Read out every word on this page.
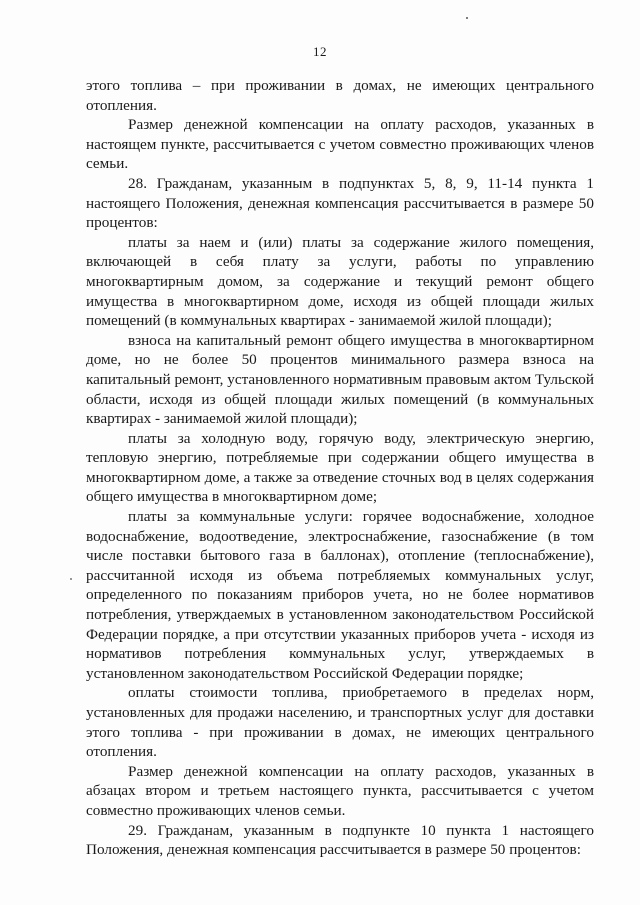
12

этого топлива – при проживании в домах, не имеющих центрального отопления.

Размер денежной компенсации на оплату расходов, указанных в настоящем пункте, рассчитывается с учетом совместно проживающих членов семьи.

28. Гражданам, указанным в подпунктах 5, 8, 9, 11-14 пункта 1 настоящего Положения, денежная компенсация рассчитывается в размере 50 процентов:

платы за наем и (или) платы за содержание жилого помещения, включающей в себя плату за услуги, работы по управлению многоквартирным домом, за содержание и текущий ремонт общего имущества в многоквартирном доме, исходя из общей площади жилых помещений (в коммунальных квартирах - занимаемой жилой площади);

взноса на капитальный ремонт общего имущества в многоквартирном доме, но не более 50 процентов минимального размера взноса на капитальный ремонт, установленного нормативным правовым актом Тульской области, исходя из общей площади жилых помещений (в коммунальных квартирах - занимаемой жилой площади);

платы за холодную воду, горячую воду, электрическую энергию, тепловую энергию, потребляемые при содержании общего имущества в многоквартирном доме, а также за отведение сточных вод в целях содержания общего имущества в многоквартирном доме;

платы за коммунальные услуги: горячее водоснабжение, холодное водоснабжение, водоотведение, электроснабжение, газоснабжение (в том числе поставки бытового газа в баллонах), отопление (теплоснабжение), рассчитанной исходя из объема потребляемых коммунальных услуг, определенного по показаниям приборов учета, но не более нормативов потребления, утверждаемых в установленном законодательством Российской Федерации порядке, а при отсутствии указанных приборов учета - исходя из нормативов потребления коммунальных услуг, утверждаемых в установленном законодательством Российской Федерации порядке;

оплаты стоимости топлива, приобретаемого в пределах норм, установленных для продажи населению, и транспортных услуг для доставки этого топлива - при проживании в домах, не имеющих центрального отопления.

Размер денежной компенсации на оплату расходов, указанных в абзацах втором и третьем настоящего пункта, рассчитывается с учетом совместно проживающих членов семьи.

29. Гражданам, указанным в подпункте 10 пункта 1 настоящего Положения, денежная компенсация рассчитывается в размере 50 процентов:
